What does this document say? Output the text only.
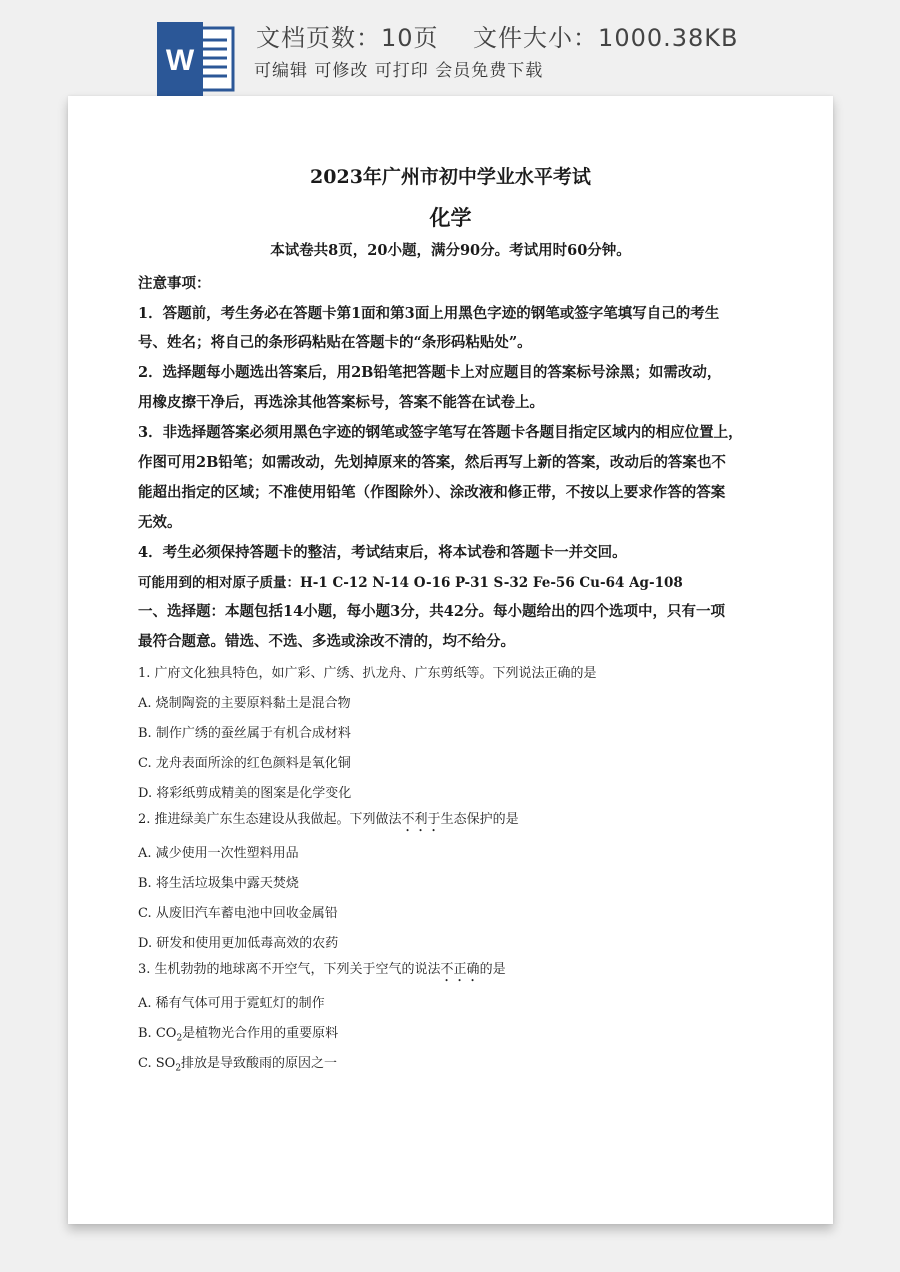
W
文档页数：10页    文件大小：1000.38KB
可编辑 可修改 可打印 会员免费下载
2023年广州市初中学业水平考试
化学
本试卷共8页，20小题，满分90分。考试用时60分钟。
注意事项：
1．答题前，考生务必在答题卡第1面和第3面上用黑色字迹的钢笔或签字笔填写自己的考生
号、姓名；将自己的条形码粘贴在答题卡的“条形码粘贴处”。
2．选择题每小题选出答案后，用2B铅笔把答题卡上对应题目的答案标号涂黑；如需改动，
用橡皮擦干净后，再选涂其他答案标号，答案不能答在试卷上。
3．非选择题答案必须用黑色字迹的钢笔或签字笔写在答题卡各题目指定区域内的相应位置上，
作图可用2B铅笔；如需改动，先划掉原来的答案，然后再写上新的答案，改动后的答案也不
能超出指定的区域；不准使用铅笔（作图除外）、涂改液和修正带，不按以上要求作答的答案
无效。
4．考生必须保持答题卡的整洁，考试结束后，将本试卷和答题卡一并交回。
可能用到的相对原子质量：H-1 C-12 N-14 O-16 P-31 S-32 Fe-56 Cu-64 Ag-108
一、选择题：本题包括14小题，每小题3分，共42分。每小题给出的四个选项中，只有一项
最符合题意。错选、不选、多选或涂改不清的，均不给分。
1. 广府文化独具特色，如广彩、广绣、扒龙舟、广东剪纸等。下列说法正确的是
A. 烧制陶瓷的主要原料黏土是混合物
B. 制作广绣的蚕丝属于有机合成材料
C. 龙舟表面所涂的红色颜料是氧化铜
D. 将彩纸剪成精美的图案是化学变化
2. 推进绿美广东生态建设从我做起。下列做法不利于生态保护的是
A. 减少使用一次性塑料用品
B. 将生活垃圾集中露天焚烧
C. 从废旧汽车蓄电池中回收金属铅
D. 研发和使用更加低毒高效的农药
3. 生机勃勃的地球离不开空气，下列关于空气的说法不正确的是
A. 稀有气体可用于霓虹灯的制作
B. $CO_2$是植物光合作用的重要原料
C. $SO_2$排放是导致酸雨的原因之一
